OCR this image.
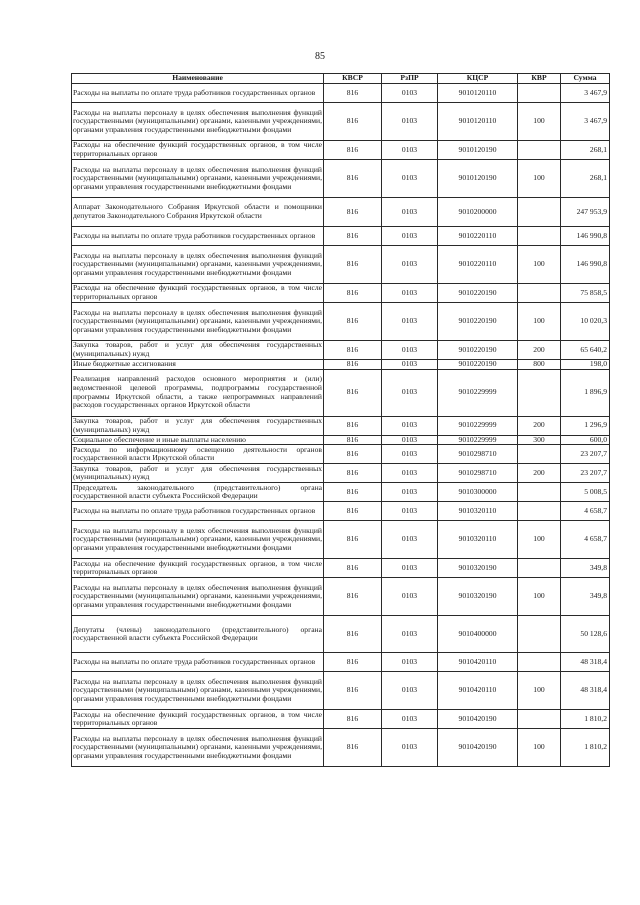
85
Наименование	КВСР	РзПР	КЦСР	КВР	Сумма
Расходы на выплаты по оплате труда работников государственных органов	816	0103	9010120110		3 467,9
Расходы на выплаты персоналу в целях обеспечения выполнения функций государственными (муниципальными) органами, казенными учреждениями, органами управления государственными внебюджетными фондами	816	0103	9010120110	100	3 467,9
Расходы на обеспечение функций государственных органов, в том числе территориальных органов	816	0103	9010120190		268,1
Расходы на выплаты персоналу в целях обеспечения выполнения функций государственными (муниципальными) органами, казенными учреждениями, органами управления государственными внебюджетными фондами	816	0103	9010120190	100	268,1
Аппарат Законодательного Собрания Иркутской области и помощники депутатов Законодательного Собрания Иркутской области	816	0103	9010200000		247 953,9
Расходы на выплаты по оплате труда работников государственных органов	816	0103	9010220110		146 990,8
Расходы на выплаты персоналу в целях обеспечения выполнения функций государственными (муниципальными) органами, казенными учреждениями, органами управления государственными внебюджетными фондами	816	0103	9010220110	100	146 990,8
Расходы на обеспечение функций государственных органов, в том числе территориальных органов	816	0103	9010220190		75 858,5
Расходы на выплаты персоналу в целях обеспечения выполнения функций государственными (муниципальными) органами, казенными учреждениями, органами управления государственными внебюджетными фондами	816	0103	9010220190	100	10 020,3
Закупка товаров, работ и услуг для обеспечения государственных (муниципальных) нужд	816	0103	9010220190	200	65 640,2
Иные бюджетные ассигнования	816	0103	9010220190	800	198,0
Реализация направлений расходов основного мероприятия и (или) ведомственной целевой программы, подпрограммы государственной программы Иркутской области, а также непрограммных направлений расходов государственных органов Иркутской области	816	0103	9010229999		1 896,9
Закупка товаров, работ и услуг для обеспечения государственных (муниципальных) нужд	816	0103	9010229999	200	1 296,9
Социальное обеспечение и иные выплаты населению	816	0103	9010229999	300	600,0
Расходы по информационному освещению деятельности органов государственной власти Иркутской области	816	0103	9010298710		23 207,7
Закупка товаров, работ и услуг для обеспечения государственных (муниципальных) нужд	816	0103	9010298710	200	23 207,7
Председатель законодательного (представительного) органа государственной власти субъекта Российской Федерации	816	0103	9010300000		5 008,5
Расходы на выплаты по оплате труда работников государственных органов	816	0103	9010320110		4 658,7
Расходы на выплаты персоналу в целях обеспечения выполнения функций государственными (муниципальными) органами, казенными учреждениями, органами управления государственными внебюджетными фондами	816	0103	9010320110	100	4 658,7
Расходы на обеспечение функций государственных органов, в том числе территориальных органов	816	0103	9010320190		349,8
Расходы на выплаты персоналу в целях обеспечения выполнения функций государственными (муниципальными) органами, казенными учреждениями, органами управления государственными внебюджетными фондами	816	0103	9010320190	100	349,8
Депутаты (члены) законодательного (представительного) органа государственной власти субъекта Российской Федерации	816	0103	9010400000		50 128,6
Расходы на выплаты по оплате труда работников государственных органов	816	0103	9010420110		48 318,4
Расходы на выплаты персоналу в целях обеспечения выполнения функций государственными (муниципальными) органами, казенными учреждениями, органами управления государственными внебюджетными фондами	816	0103	9010420110	100	48 318,4
Расходы на обеспечение функций государственных органов, в том числе территориальных органов	816	0103	9010420190		1 810,2
Расходы на выплаты персоналу в целях обеспечения выполнения функций государственными (муниципальными) органами, казенными учреждениями, органами управления государственными внебюджетными фондами	816	0103	9010420190	100	1 810,2
